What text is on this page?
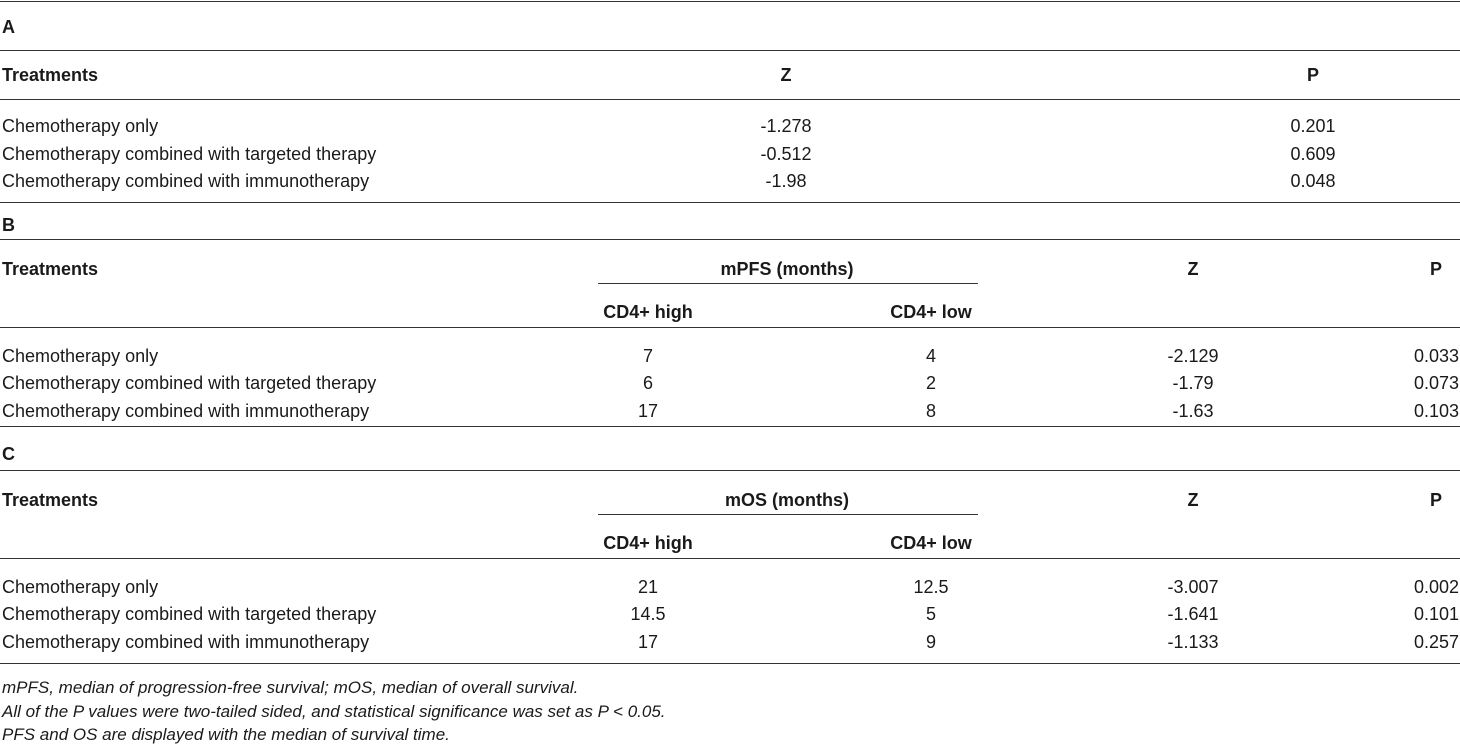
A
Treatments	Z	P
Chemotherapy only	-1.278	0.201
Chemotherapy combined with targeted therapy	-0.512	0.609
Chemotherapy combined with immunotherapy	-1.98	0.048
B
Treatments	mPFS (months)	Z	P
CD4+ high	CD4+ low
Chemotherapy only	7	4	-2.129	0.033
Chemotherapy combined with targeted therapy	6	2	-1.79	0.073
Chemotherapy combined with immunotherapy	17	8	-1.63	0.103
C
Treatments	mOS (months)	Z	P
CD4+ high	CD4+ low
Chemotherapy only	21	12.5	-3.007	0.002
Chemotherapy combined with targeted therapy	14.5	5	-1.641	0.101
Chemotherapy combined with immunotherapy	17	9	-1.133	0.257
mPFS, median of progression-free survival; mOS, median of overall survival.
All of the P values were two-tailed sided, and statistical significance was set as P < 0.05.
PFS and OS are displayed with the median of survival time.
